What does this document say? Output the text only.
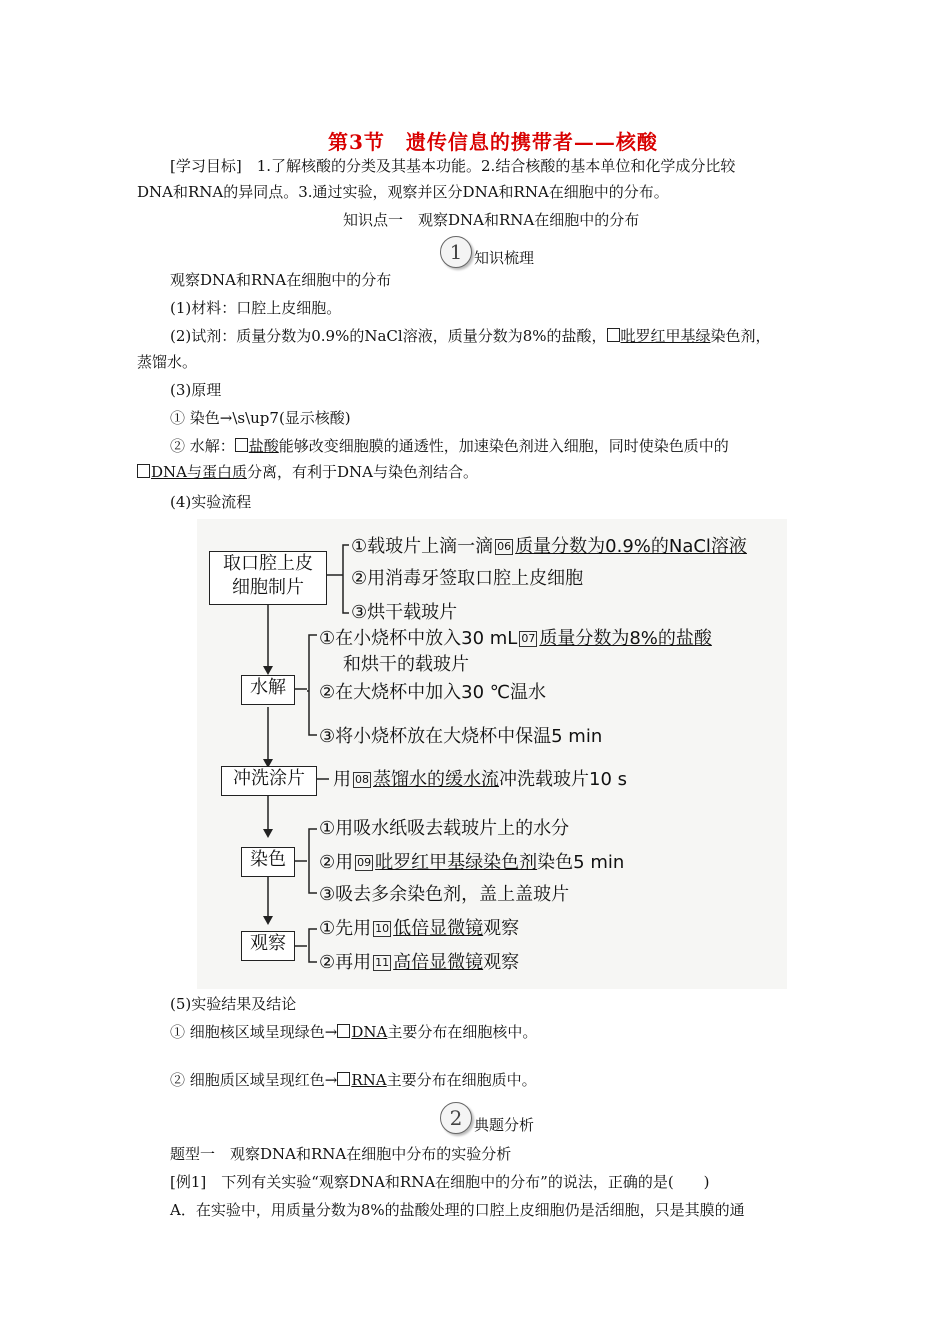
第3节　遗传信息的携带者——核酸
[学习目标]　1.了解核酸的分类及其基本功能。2.结合核酸的基本单位和化学成分比较
DNA和RNA的异同点。3.通过实验，观察并区分DNA和RNA在细胞中的分布。
知识点一　观察DNA和RNA在细胞中的分布
1 知识梳理
观察DNA和RNA在细胞中的分布
(1)材料：口腔上皮细胞。
(2)试剂：质量分数为0.9%的NaCl溶液，质量分数为8%的盐酸， 吡罗红甲基绿染色剂，
蒸馏水。
(3)原理
① 染色→\s\up7(显示核酸)
② 水解： 盐酸能够改变细胞膜的通透性，加速染色剂进入细胞，同时使染色质中的
DNA与蛋白质分离，有利于DNA与染色剂结合。
(4)实验流程
取口腔上皮
细胞制片
①载玻片上滴一滴 06 质量分数为0.9%的NaCl溶液
②用消毒牙签取口腔上皮细胞
③烘干载玻片
水解
①在小烧杯中放入30 mL 07 质量分数为8%的盐酸
和烘干的载玻片
②在大烧杯中加入30 ℃温水
③将小烧杯放在大烧杯中保温5 min
冲洗涂片	用 08 蒸馏水的缓水流冲洗载玻片10 s
染色
①用吸水纸吸去载玻片上的水分
②用 09 吡罗红甲基绿染色剂染色5 min
③吸去多余染色剂，盖上盖玻片
观察
①先用 10 低倍显微镜观察
②再用 11 高倍显微镜观察
(5)实验结果及结论
① 细胞核区域呈现绿色→ DNA主要分布在细胞核中。
② 细胞质区域呈现红色→ RNA主要分布在细胞质中。
2 典题分析
题型一　观察DNA和RNA在细胞中分布的实验分析
[例1]　下列有关实验“观察DNA和RNA在细胞中的分布”的说法，正确的是(　　)
A．在实验中，用质量分数为8%的盐酸处理的口腔上皮细胞仍是活细胞，只是其膜的通
